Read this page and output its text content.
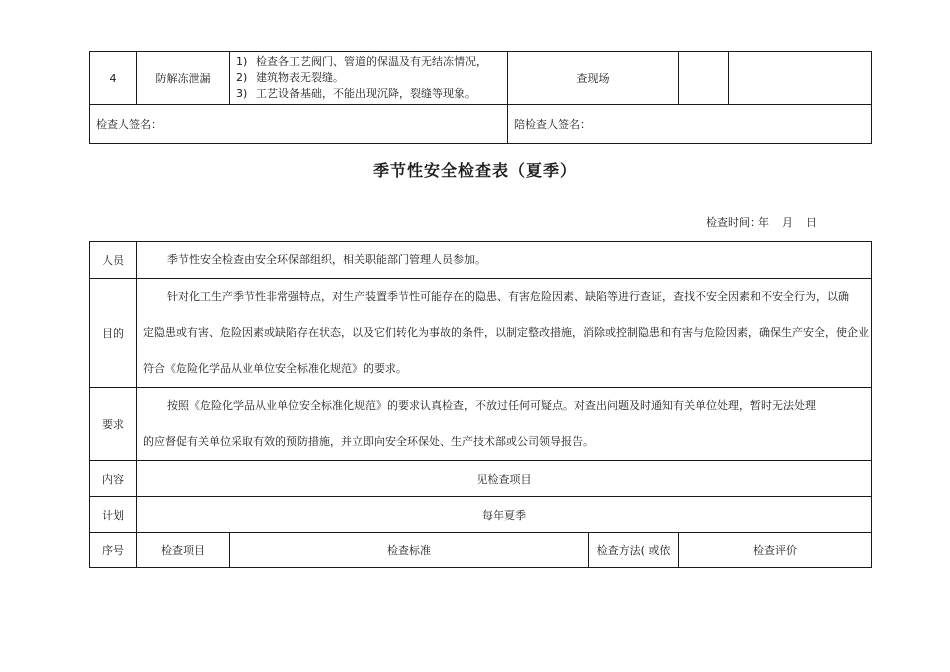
4	防解冻泄漏	1) 检查各工艺阀门、管道的保温及有无结冻情况，
2) 建筑物表无裂缝。
3) 工艺设备基础，不能出现沉降，裂缝等现象。	查现场		
检查人签名：			陪检查人签名：		
季节性安全检查表（夏季）
检查时间：年 月 日
人员	季节性安全检查由安全环保部组织，相关职能部门管理人员参加。			
目的	针对化工生产季节性非常强特点，对生产装置季节性可能存在的隐患、有害危险因素、缺陷等进行查证，查找不安全因素和不安全行为，以确
定隐患或有害、危险因素或缺陷存在状态，以及它们转化为事故的条件，以制定整改措施，消除或控制隐患和有害与危险因素，确保生产安全，使企业
符合《危险化学品从业单位安全标准化规范》的要求。			

要求	按照《危险化学品从业单位安全标准化规范》的要求认真检查，不放过任何可疑点。对查出问题及时通知有关单位处理，暂时无法处理
的应督促有关单位采取有效的预防措施，并立即向安全环保处、生产技术部或公司领导报告。			

内容	见检查项目			
计划	每年夏季			
序号	检查项目	检查标准	检查方法( 或依	检查评价
